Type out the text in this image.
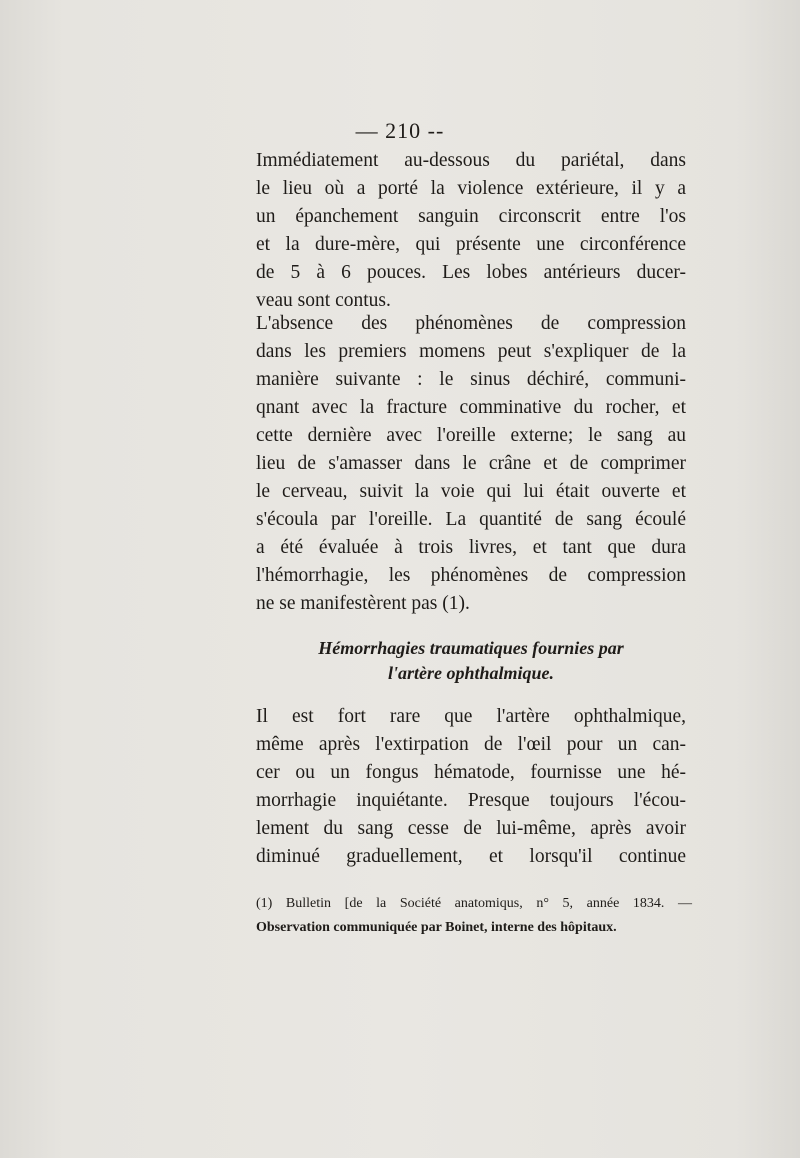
— 210 --
Immédiatement au-dessous du pariétal, dans
le lieu où a porté la violence extérieure, il y a
un épanchement sanguin circonscrit entre l'os
et la dure-mère, qui présente une circonférence
de 5 à 6 pouces. Les lobes antérieurs ducer-
veau sont contus.
L'absence des phénomènes de compression
dans les premiers momens peut s'expliquer de la
manière suivante : le sinus déchiré, communi-
qnant avec la fracture comminative du rocher, et
cette dernière avec l'oreille externe; le sang au
lieu de s'amasser dans le crâne et de comprimer
le cerveau, suivit la voie qui lui était ouverte et
s'écoula par l'oreille. La quantité de sang écoulé
a été évaluée à trois livres, et tant que dura
l'hémorrhagie, les phénomènes de compression
ne se manifestèrent pas (1).
Hémorrhagies traumatiques fournies par
l'artère ophthalmique.
Il est fort rare que l'artère ophthalmique,
même après l'extirpation de l'œil pour un can-
cer ou un fongus hématode, fournisse une hé-
morrhagie inquiétante. Presque toujours l'écou-
lement du sang cesse de lui-même, après avoir
diminué graduellement, et lorsqu'il continue
(1) Bulletin [de la Société anatomiqus, n° 5, année 1834. —
Observation communiquée par Boinet, interne des hôpitaux.
